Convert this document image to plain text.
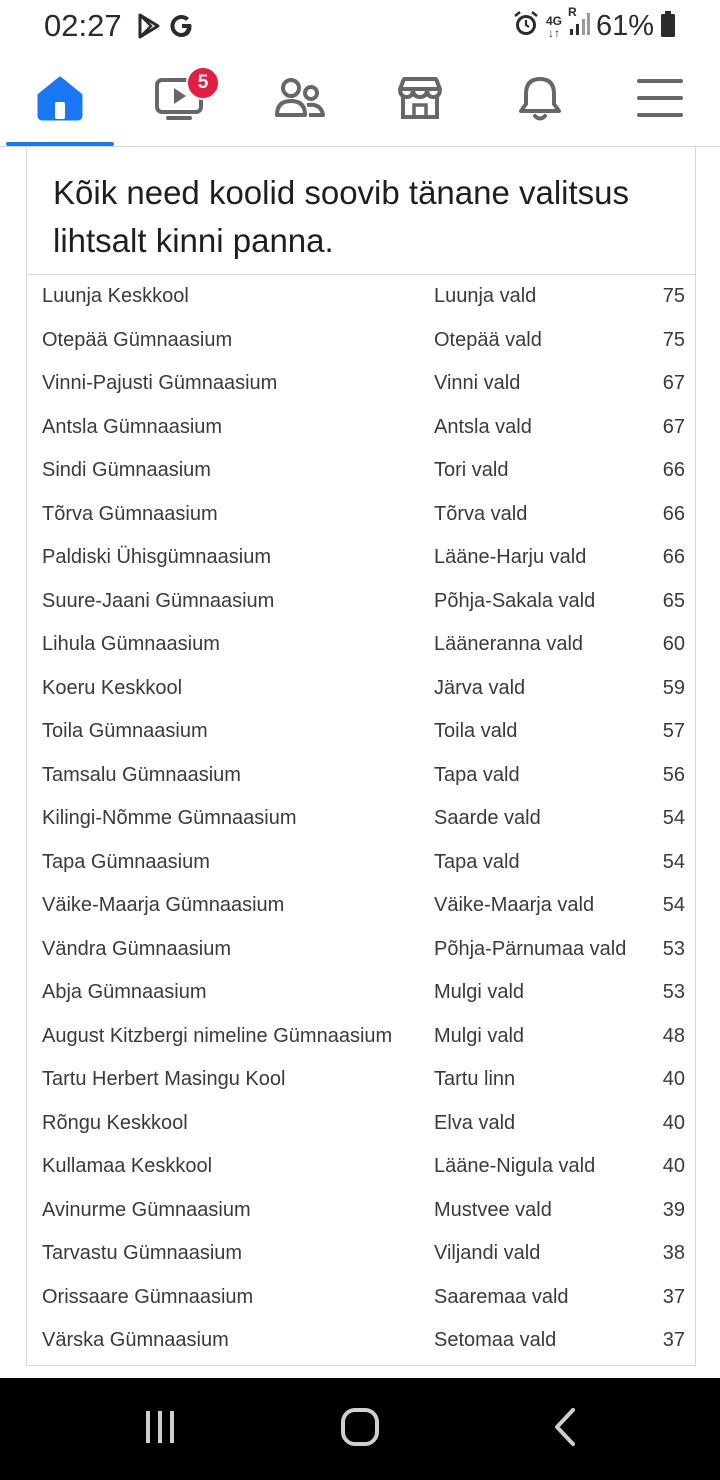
02:27	4G
↓↑
R 61%
5
Kõik need koolid soovib tänane valitsus lihtsalt kinni panna.
Luunja Keskkool	Luunja vald	75
Otepää Gümnaasium	Otepää vald	75
Vinni-Pajusti Gümnaasium	Vinni vald	67
Antsla Gümnaasium	Antsla vald	67
Sindi Gümnaasium	Tori vald	66
Tõrva Gümnaasium	Tõrva vald	66
Paldiski Ühisgümnaasium	Lääne-Harju vald	66
Suure-Jaani Gümnaasium	Põhja-Sakala vald	65
Lihula Gümnaasium	Lääneranna vald	60
Koeru Keskkool	Järva vald	59
Toila Gümnaasium	Toila vald	57
Tamsalu Gümnaasium	Tapa vald	56
Kilingi-Nõmme Gümnaasium	Saarde vald	54
Tapa Gümnaasium	Tapa vald	54
Väike-Maarja Gümnaasium	Väike-Maarja vald	54
Vändra Gümnaasium	Põhja-Pärnumaa vald 53
Abja Gümnaasium	Mulgi vald	53
August Kitzbergi nimeline Gümnaasium Mulgi vald	48
Tartu Herbert Masingu Kool	Tartu linn	40
Rõngu Keskkool	Elva vald	40
Kullamaa Keskkool	Lääne-Nigula vald	40
Avinurme Gümnaasium	Mustvee vald	39
Tarvastu Gümnaasium	Viljandi vald	38
Orissaare Gümnaasium	Saaremaa vald	37
Värska Gümnaasium	Setomaa vald	37
